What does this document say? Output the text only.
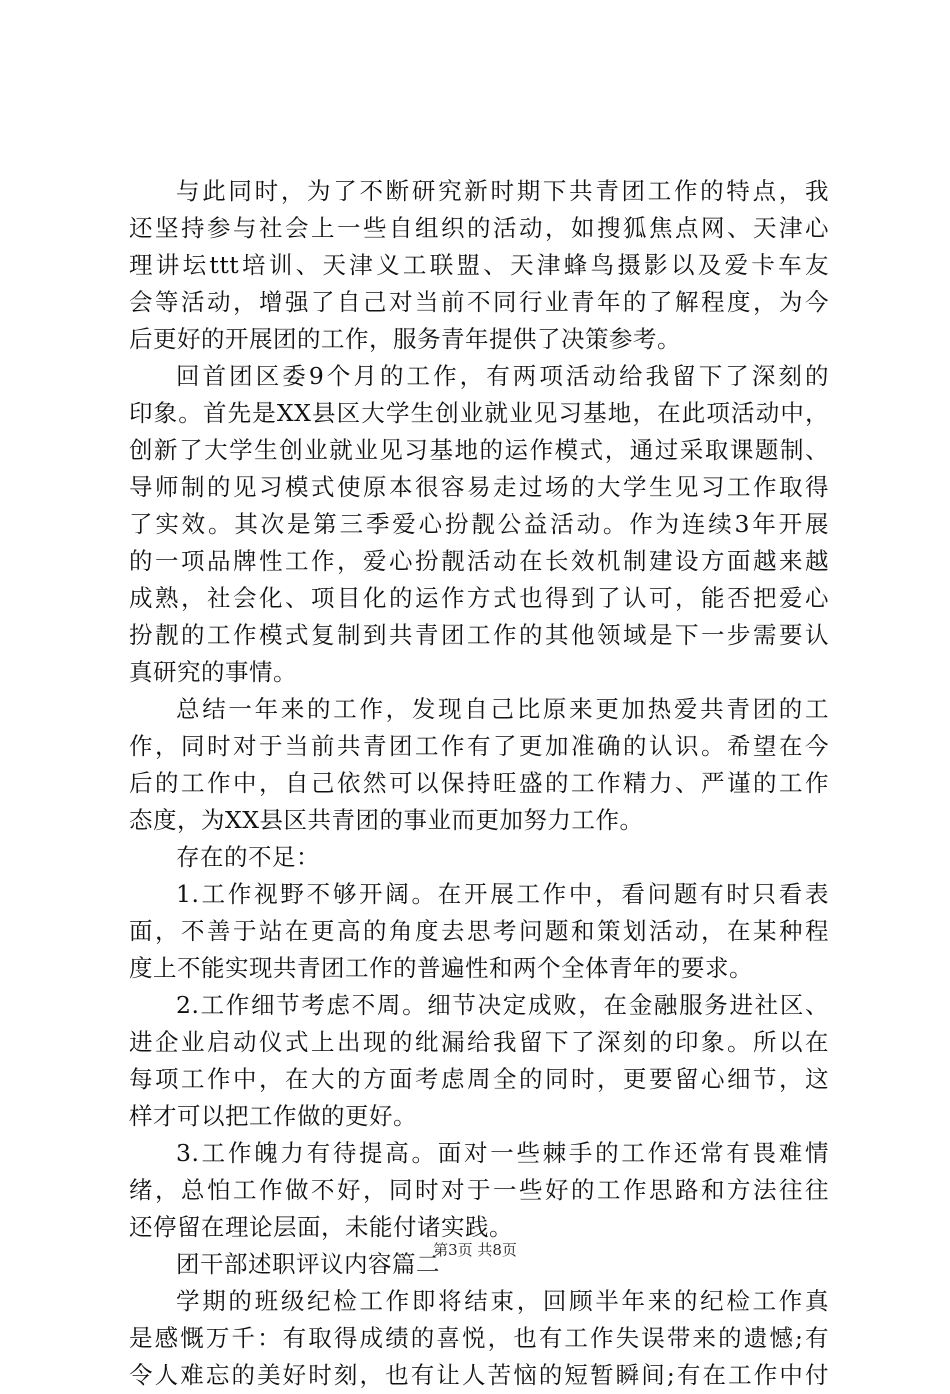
与此同时，为了不断研究新时期下共青团工作的特点，我
还坚持参与社会上一些自组织的活动，如搜狐焦点网、天津心
理讲坛ttt培训、天津义工联盟、天津蜂鸟摄影以及爱卡车友
会等活动，增强了自己对当前不同行业青年的了解程度，为今
后更好的开展团的工作，服务青年提供了决策参考。
回首团区委9个月的工作，有两项活动给我留下了深刻的
印象。首先是XX县区大学生创业就业见习基地，在此项活动中，
创新了大学生创业就业见习基地的运作模式，通过采取课题制、
导师制的见习模式使原本很容易走过场的大学生见习工作取得
了实效。其次是第三季爱心扮靓公益活动。作为连续3年开展
的一项品牌性工作，爱心扮靓活动在长效机制建设方面越来越
成熟，社会化、项目化的运作方式也得到了认可，能否把爱心
扮靓的工作模式复制到共青团工作的其他领域是下一步需要认
真研究的事情。
总结一年来的工作，发现自己比原来更加热爱共青团的工
作，同时对于当前共青团工作有了更加准确的认识。希望在今
后的工作中，自己依然可以保持旺盛的工作精力、严谨的工作
态度，为XX县区共青团的事业而更加努力工作。
存在的不足：
1.工作视野不够开阔。在开展工作中，看问题有时只看表
面，不善于站在更高的角度去思考问题和策划活动，在某种程
度上不能实现共青团工作的普遍性和两个全体青年的要求。
2.工作细节考虑不周。细节决定成败，在金融服务进社区、
进企业启动仪式上出现的纰漏给我留下了深刻的印象。所以在
每项工作中，在大的方面考虑周全的同时，更要留心细节，这
样才可以把工作做的更好。
3.工作魄力有待提高。面对一些棘手的工作还常有畏难情
绪，总怕工作做不好，同时对于一些好的工作思路和方法往往
还停留在理论层面，未能付诸实践。
团干部述职评议内容篇二
学期的班级纪检工作即将结束，回顾半年来的纪检工作真
是感慨万千：有取得成绩的喜悦，也有工作失误带来的遗憾;有
令人难忘的美好时刻，也有让人苦恼的短暂瞬间;有在工作中付
第3页 共8页
